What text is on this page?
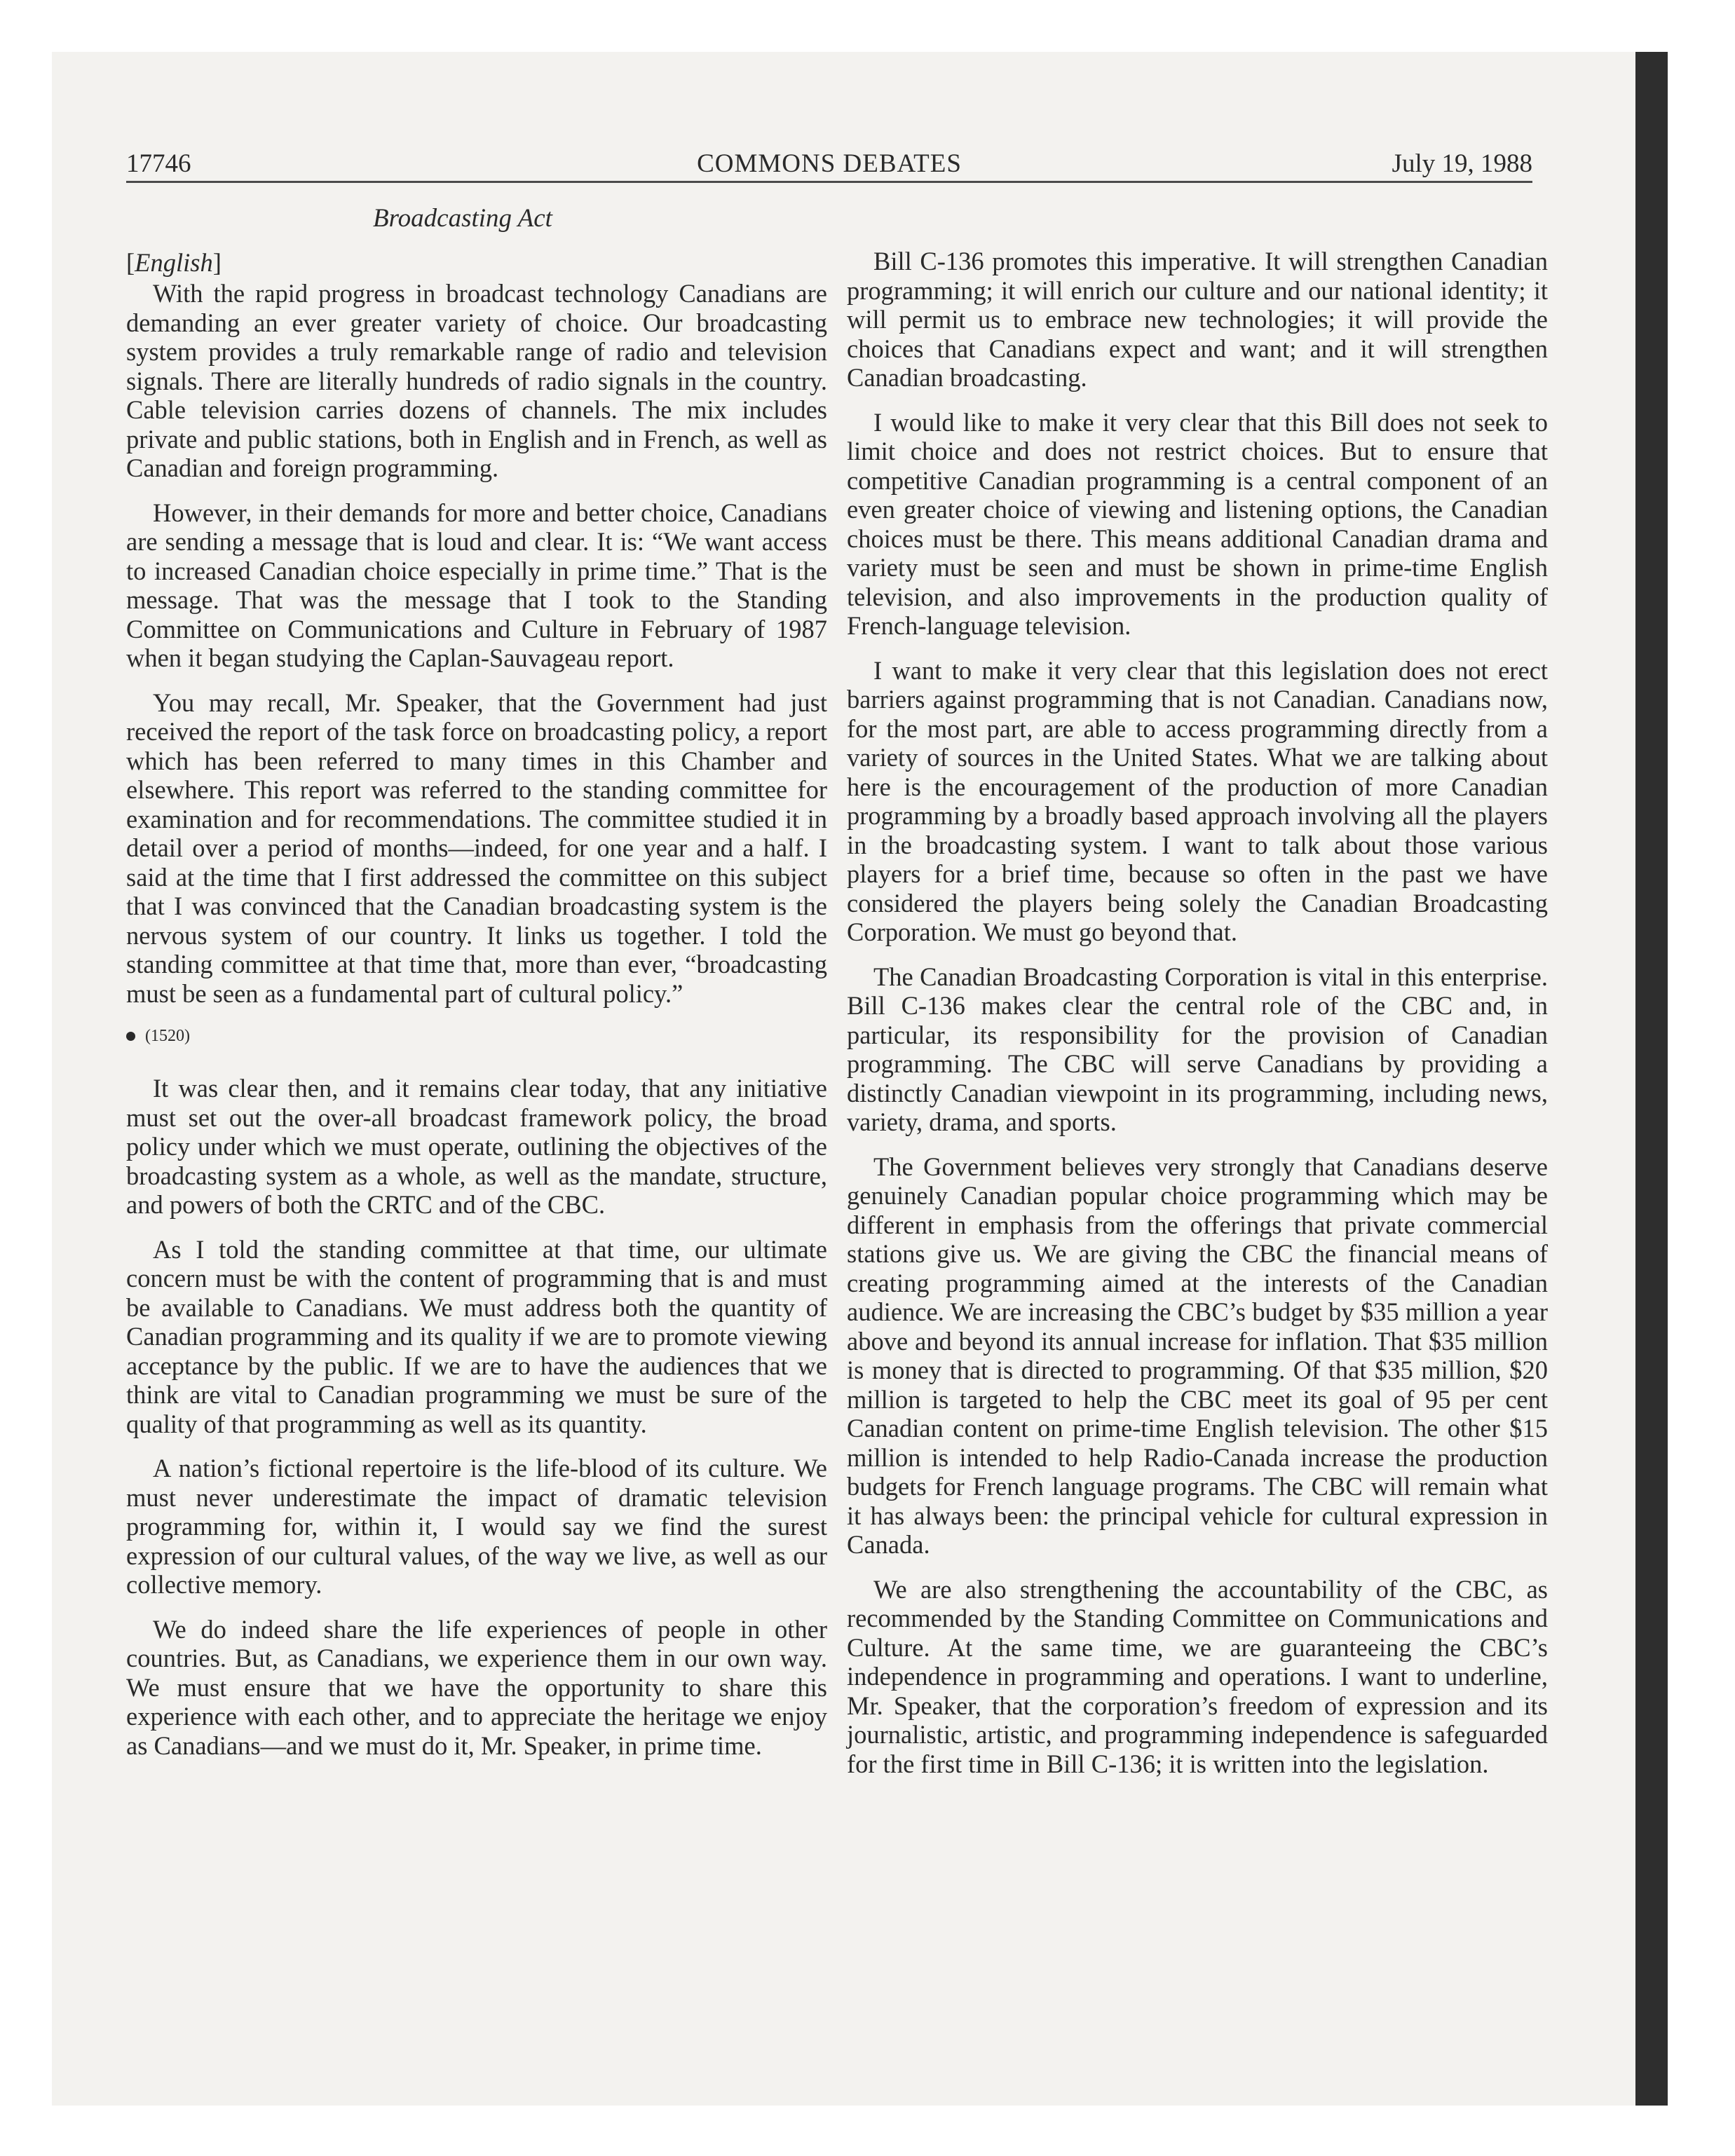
17746	COMMONS DEBATES	July 19, 1988
Broadcasting Act
[English]

With the rapid progress in broadcast technology Canadians are demanding an ever greater variety of choice. Our broadcasting system provides a truly remarkable range of radio and television signals. There are literally hundreds of radio signals in the country. Cable television carries dozens of channels. The mix includes private and public stations, both in English and in French, as well as Canadian and foreign programming.

However, in their demands for more and better choice, Canadians are sending a message that is loud and clear. It is: “We want access to increased Canadian choice especially in prime time.” That is the message. That was the message that I took to the Standing Committee on Communications and Culture in February of 1987 when it began studying the Caplan-Sauvageau report.

You may recall, Mr. Speaker, that the Government had just received the report of the task force on broadcasting policy, a report which has been referred to many times in this Chamber and elsewhere. This report was referred to the standing committee for examination and for recommendations. The committee studied it in detail over a period of months—indeed, for one year and a half. I said at the time that I first addressed the committee on this subject that I was convinced that the Canadian broadcasting system is the nervous system of our country. It links us together. I told the standing committee at that time that, more than ever, “broadcasting must be seen as a fundamental part of cultural policy.”

(1520)

It was clear then, and it remains clear today, that any initiative must set out the over-all broadcast framework policy, the broad policy under which we must operate, outlining the objectives of the broadcasting system as a whole, as well as the mandate, structure, and powers of both the CRTC and of the CBC.

As I told the standing committee at that time, our ultimate concern must be with the content of programming that is and must be available to Canadians. We must address both the quantity of Canadian programming and its quality if we are to promote viewing acceptance by the public. If we are to have the audiences that we think are vital to Canadian programming we must be sure of the quality of that programming as well as its quantity.

A nation’s fictional repertoire is the life-blood of its culture. We must never underestimate the impact of dramatic television programming for, within it, I would say we find the surest expression of our cultural values, of the way we live, as well as our collective memory.

We do indeed share the life experiences of people in other countries. But, as Canadians, we experience them in our own way. We must ensure that we have the opportunity to share this experience with each other, and to appreciate the heritage we enjoy as Canadians—and we must do it, Mr. Speaker, in prime time.

Bill C-136 promotes this imperative. It will strengthen Canadian programming; it will enrich our culture and our national identity; it will permit us to embrace new technologies; it will provide the choices that Canadians expect and want; and it will strengthen Canadian broadcasting.

I would like to make it very clear that this Bill does not seek to limit choice and does not restrict choices. But to ensure that competitive Canadian programming is a central component of an even greater choice of viewing and listening options, the Canadian choices must be there. This means additional Canadian drama and variety must be seen and must be shown in prime-time English television, and also improvements in the production quality of French-language television.

I want to make it very clear that this legislation does not erect barriers against programming that is not Canadian. Canadians now, for the most part, are able to access programming directly from a variety of sources in the United States. What we are talking about here is the encouragement of the production of more Canadian programming by a broadly based approach involving all the players in the broadcasting system. I want to talk about those various players for a brief time, because so often in the past we have considered the players being solely the Canadian Broadcasting Corporation. We must go beyond that.

The Canadian Broadcasting Corporation is vital in this enterprise. Bill C-136 makes clear the central role of the CBC and, in particular, its responsibility for the provision of Canadian programming. The CBC will serve Canadians by providing a distinctly Canadian viewpoint in its programming, including news, variety, drama, and sports.

The Government believes very strongly that Canadians deserve genuinely Canadian popular choice programming which may be different in emphasis from the offerings that private commercial stations give us. We are giving the CBC the financial means of creating programming aimed at the interests of the Canadian audience. We are increasing the CBC’s budget by $35 million a year above and beyond its annual increase for inflation. That $35 million is money that is directed to programming. Of that $35 million, $20 million is targeted to help the CBC meet its goal of 95 per cent Canadian content on prime-time English television. The other $15 million is intended to help Radio-Canada increase the production budgets for French language programs. The CBC will remain what it has always been: the principal vehicle for cultural expression in Canada.

We are also strengthening the accountability of the CBC, as recommended by the Standing Committee on Communications and Culture. At the same time, we are guaranteeing the CBC’s independence in programming and operations. I want to underline, Mr. Speaker, that the corporation’s freedom of expression and its journalistic, artistic, and programming independence is safeguarded for the first time in Bill C-136; it is written into the legislation.
